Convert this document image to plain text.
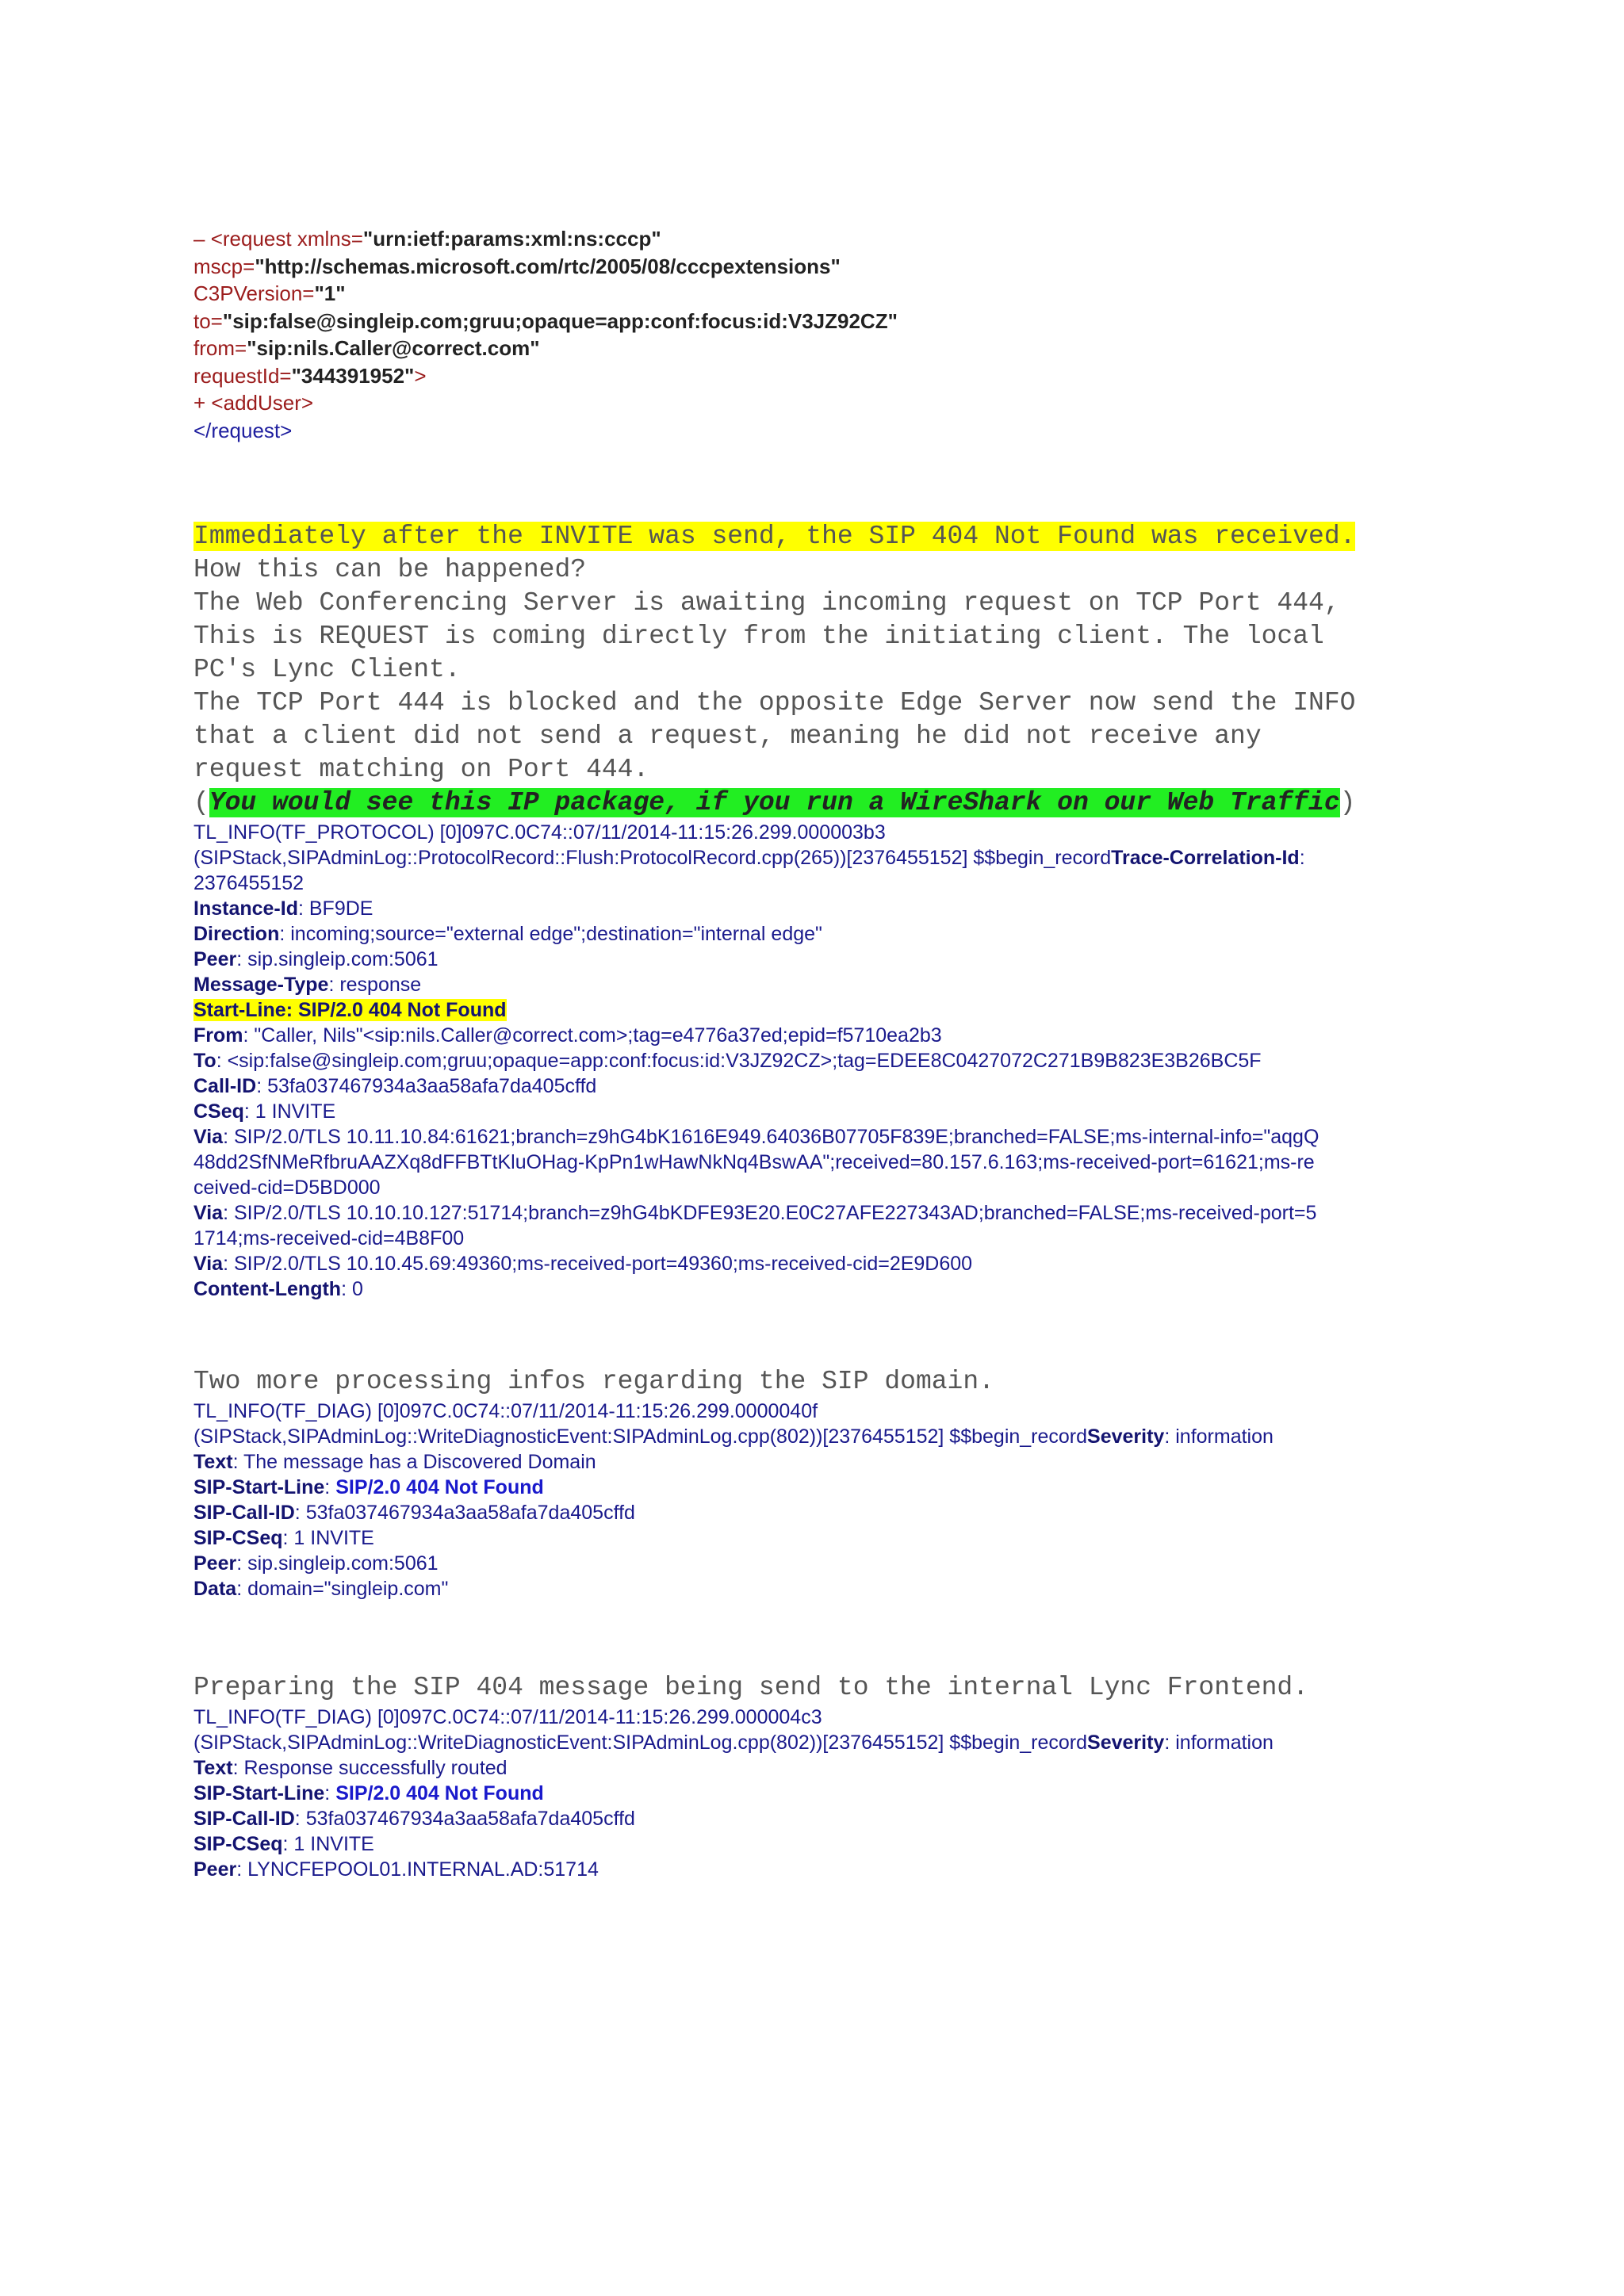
– <request xmlns="urn:ietf:params:xml:ns:cccp"
mscp="http://schemas.microsoft.com/rtc/2005/08/cccpextensions"
C3PVersion="1"
to="sip:false@singleip.com;gruu;opaque=app:conf:focus:id:V3JZ92CZ"
from="sip:nils.Caller@correct.com"
requestId="344391952">
+ <addUser>
</request>
Immediately after the INVITE was send, the SIP 404 Not Found was received.
How this can be happened?
The Web Conferencing Server is awaiting incoming request on TCP Port 444,
This is REQUEST is coming directly from the initiating client. The local
PC's Lync Client.
The TCP Port 444 is blocked and the opposite Edge Server now send the INFO
that a client did not send a request, meaning he did not receive any
request matching on Port 444.
(You would see this IP package, if you run a WireShark on our Web Traffic)
TL_INFO(TF_PROTOCOL) [0]097C.0C74::07/11/2014-11:15:26.299.000003b3
(SIPStack,SIPAdminLog::ProtocolRecord::Flush:ProtocolRecord.cpp(265))[2376455152] $$begin_recordTrace-Correlation-Id: 2376455152
Instance-Id: BF9DE
Direction: incoming;source="external edge";destination="internal edge"
Peer: sip.singleip.com:5061
Message-Type: response
Start-Line: SIP/2.0 404 Not Found
From: "Caller, Nils"<sip:nils.Caller@correct.com>;tag=e4776a37ed;epid=f5710ea2b3
To: <sip:false@singleip.com;gruu;opaque=app:conf:focus:id:V3JZ92CZ>;tag=EDEE8C0427072C271B9B823E3B26BC5F
Call-ID: 53fa037467934a3aa58afa7da405cffd
CSeq: 1 INVITE
Via: SIP/2.0/TLS 10.11.10.84:61621;branch=z9hG4bK1616E949.64036B07705F839E;branched=FALSE;ms-internal-info="aqgQ48dd2SfNMeRfbruAAZXq8dFFBTtKluOHag-KpPn1wHawNkNq4BswAA";received=80.157.6.163;ms-received-port=61621;ms-received-cid=D5BD000
Via: SIP/2.0/TLS 10.10.10.127:51714;branch=z9hG4bKDFE93E20.E0C27AFE227343AD;branched=FALSE;ms-received-port=51714;ms-received-cid=4B8F00
Via: SIP/2.0/TLS 10.10.45.69:49360;ms-received-port=49360;ms-received-cid=2E9D600
Content-Length: 0
Two more processing infos regarding the SIP domain.
TL_INFO(TF_DIAG) [0]097C.0C74::07/11/2014-11:15:26.299.0000040f
(SIPStack,SIPAdminLog::WriteDiagnosticEvent:SIPAdminLog.cpp(802))[2376455152] $$begin_recordSeverity: information
Text: The message has a Discovered Domain
SIP-Start-Line: SIP/2.0 404 Not Found
SIP-Call-ID: 53fa037467934a3aa58afa7da405cffd
SIP-CSeq: 1 INVITE
Peer: sip.singleip.com:5061
Data: domain="singleip.com"
Preparing the SIP 404 message being send to the internal Lync Frontend.
TL_INFO(TF_DIAG) [0]097C.0C74::07/11/2014-11:15:26.299.000004c3
(SIPStack,SIPAdminLog::WriteDiagnosticEvent:SIPAdminLog.cpp(802))[2376455152] $$begin_recordSeverity: information
Text: Response successfully routed
SIP-Start-Line: SIP/2.0 404 Not Found
SIP-Call-ID: 53fa037467934a3aa58afa7da405cffd
SIP-CSeq: 1 INVITE
Peer: LYNCFEPOOL01.INTERNAL.AD:51714
